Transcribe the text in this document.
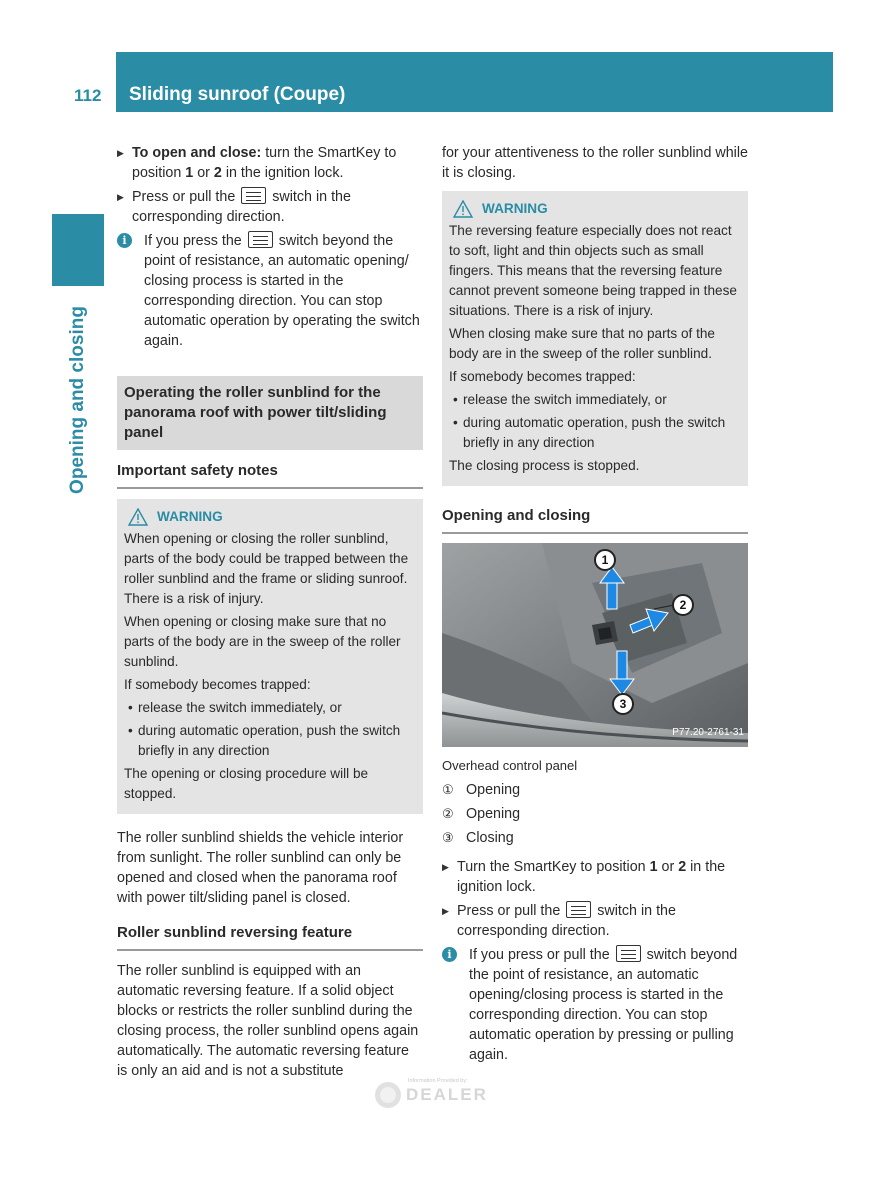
112 Sliding sunroof (Coupe)
Opening and closing
▶ To open and close: turn the SmartKey to position 1 or 2 in the ignition lock.
▶ Press or pull the	switch in the corresponding direction.
i	If you press the	switch beyond the point of resistance, an automatic opening/ closing process is started in the corresponding direction. You can stop automatic operation by operating the switch again.
Operating the roller sunblind for the panorama roof with power tilt/sliding panel
Important safety notes
WARNING

When opening or closing the roller sunblind, parts of the body could be trapped between the roller sunblind and the frame or sliding sunroof. There is a risk of injury.

When opening or closing make sure that no parts of the body are in the sweep of the roller sunblind.

If somebody becomes trapped:

• release the switch immediately, or
• during automatic operation, push the switch briefly in any direction

The opening or closing procedure will be stopped.

The roller sunblind shields the vehicle interior from sunlight. The roller sunblind can only be opened and closed when the panorama roof with power tilt/sliding panel is closed.
Roller sunblind reversing feature
The roller sunblind is equipped with an automatic reversing feature. If a solid object blocks or restricts the roller sunblind during the closing process, the roller sunblind opens again automatically. The automatic reversing feature is only an aid and is not a substitute
for your attentiveness to the roller sunblind while it is closing.
WARNING

The reversing feature especially does not react to soft, light and thin objects such as small fingers. This means that the reversing feature cannot prevent someone being trapped in these situations. There is a risk of injury.

When closing make sure that no parts of the body are in the sweep of the roller sunblind.

If somebody becomes trapped:

• release the switch immediately, or
• during automatic operation, push the switch briefly in any direction

The closing process is stopped.

Opening and closing
1
2
3
P77.20-2761-31
Overhead control panel
① Opening
② Opening
③ Closing
▶ Turn the SmartKey to position 1 or 2 in the ignition lock.
▶ Press or pull the	switch in the corresponding direction.
i	If you press or pull the	switch beyond the point of resistance, an automatic opening/closing process is started in the corresponding direction. You can stop automatic operation by pressing or pulling again.
Information Provided by:
DEALER
